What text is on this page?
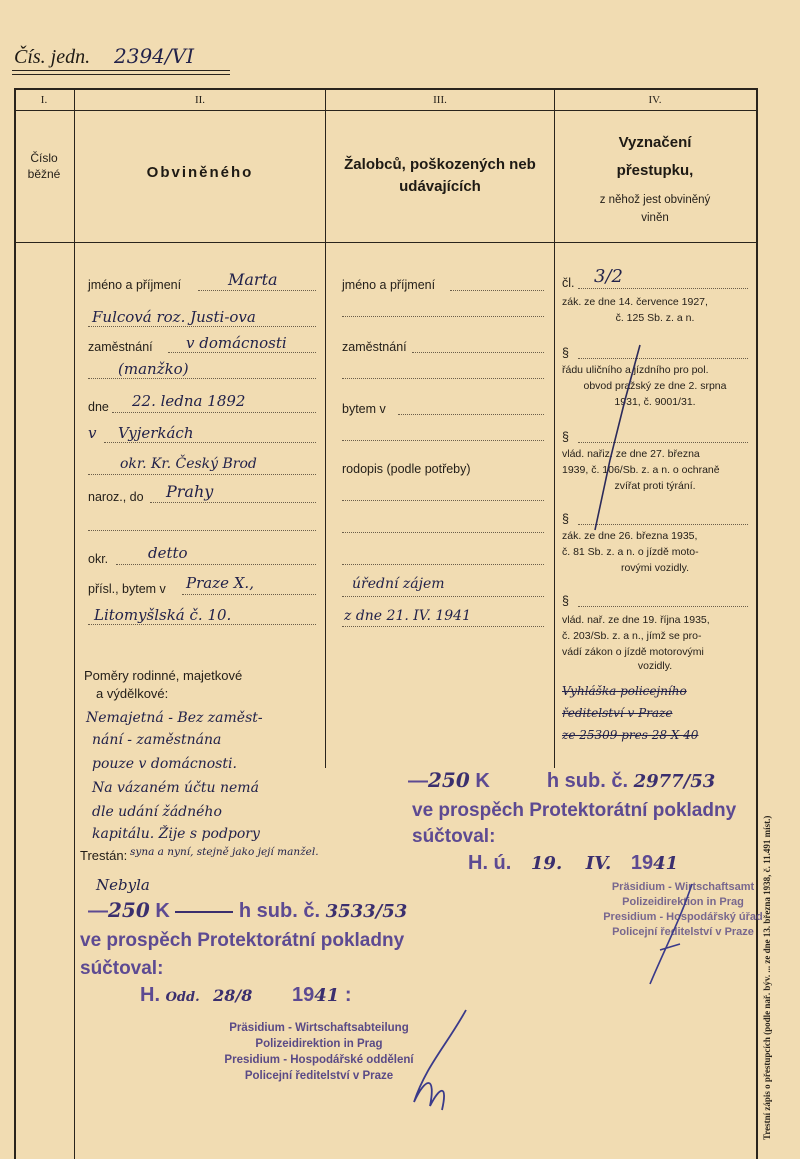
Čís. jedn. 2394/VI
I.	II.	III.	IV.
Číslo běžné	Obviněného	Žalobců, poškozených neb udávajících
Vyznačení
přestupku,
z něhož jest obviněný
viněn
jméno a příjmení	Marta
Fulcová roz. Justi-ova
zaměstnání v domácnosti
(manžko)
dne 22. ledna 1892
v Vyjerkách
okr. Kr. Český Brod
naroz., do Prahy
okr.	detto
přísl., bytem v Praze X.,
Litomyšlská č. 10.
Poměry rodinné, majetkové
a výdělkové:
Nemajetná - Bez zaměst-
nání - zaměstnána
pouze v domácnosti.
Na vázaném účtu nemá
dle udání žádného
kapitálu. Žije s podpory
syna a nyní, stejně jako její manžel.
Trestán:
Nebyla
jméno a příjmení
zaměstnání
bytem v
rodopis (podle potřeby)
úřední zájem
z dne 21. IV. 1941
čl. 3/2
zák. ze dne 14. července 1927,
č. 125 Sb. z. a n.
§
řádu uličního a jízdního pro pol.
obvod pražský ze dne 2. srpna
1931, č. 9001/31.
§
vlád. nařiz. ze dne 27. března
1939, č. 106/Sb. z. a n. o ochraně
zvířat proti týrání.
§
zák. ze dne 26. března 1935,
č. 81 Sb. z. a n. o jízdě moto-
rovými vozidly.
§
vlád. nař. ze dne 19. října 1935,
č. 203/Sb. z. a n., jímž se pro-
vádí zákon o jízdě motorovými
vozidly.
Vyhláška policejního
ředitelství v Praze
ze 25309 pres 28 X 40
—250 K	h sub. č. 2977/53
ve prospěch Protektorátní pokladny
súčtoval:
H. ú. 19. IV. 1941
Präsidium - Wirtschaftsamt
Polizeidirektion in Prag
Presidium - Hospodářský úřad
Policejní ředitelství v Praze
—250 K	h sub. č. 3533/53
ve prospěch Protektorátní pokladny
súčtoval:
H. Odd. 28/8 1941 :
Präsidium - Wirtschaftsabteilung
Polizeidirektion in Prag
Presidium - Hospodářské oddělení
Policejní ředitelství v Praze	Trestní zápis o přestupcích (podle nař. býv. ... ze dne 13. března 1938, č. 11.491 míst.)
